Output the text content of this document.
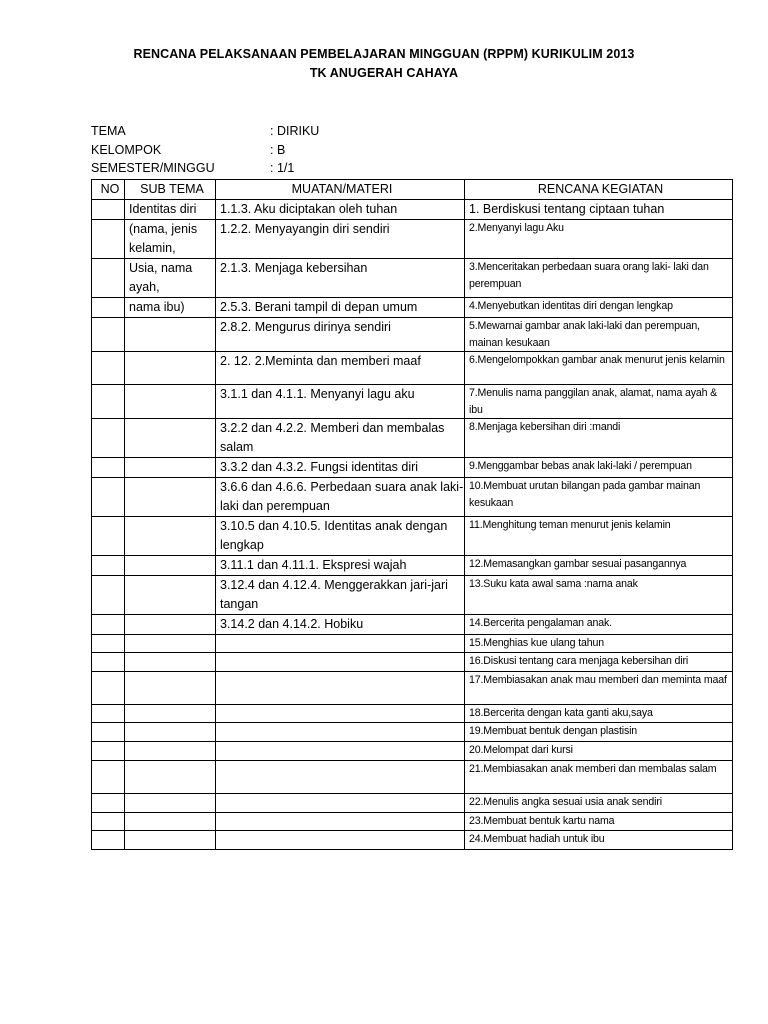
RENCANA PELAKSANAAN PEMBELAJARAN MINGGUAN (RPPM) KURIKULIM 2013
TK ANUGERAH CAHAYA
TEMA	: DIRIKU
KELOMPOK	: B
SEMESTER/MINGGU	: 1/1
NO	SUB TEMA	MUATAN/MATERI	RENCANA KEGIATAN
	Identitas diri	1.1.3. Aku diciptakan oleh tuhan	1. Berdiskusi tentang ciptaan tuhan
	(nama, jenis kelamin,	1.2.2. Menyayangin diri sendiri	2.Menyanyi lagu Aku
	Usia, nama ayah,	2.1.3. Menjaga kebersihan	3.Menceritakan perbedaan suara orang laki- laki dan perempuan
	nama ibu)	2.5.3. Berani tampil di depan umum	4.Menyebutkan identitas diri dengan lengkap
		2.8.2. Mengurus dirinya sendiri	5.Mewarnai gambar anak laki-laki dan perempuan, mainan kesukaan
		2. 12. 2.Meminta dan memberi maaf	6.Mengelompokkan gambar anak menurut jenis kelamin
		3.1.1 dan 4.1.1. Menyanyi lagu aku	7.Menulis nama panggilan anak, alamat, nama ayah & ibu
		3.2.2 dan 4.2.2. Memberi dan membalas salam	8.Menjaga kebersihan diri :mandi
		3.3.2 dan 4.3.2. Fungsi identitas diri	9.Menggambar bebas anak laki-laki / perempuan
		3.6.6 dan 4.6.6. Perbedaan suara anak laki-laki dan perempuan	10.Membuat urutan bilangan pada gambar mainan kesukaan
		3.10.5 dan 4.10.5. Identitas anak dengan lengkap	11.Menghitung teman menurut jenis kelamin
		3.11.1 dan 4.11.1. Ekspresi wajah	12.Memasangkan gambar sesuai pasangannya
		3.12.4 dan 4.12.4. Menggerakkan jari-jari tangan	13.Suku kata awal sama :nama anak
		3.14.2 dan 4.14.2. Hobiku	14.Bercerita pengalaman anak.
			15.Menghias kue ulang tahun
			16.Diskusi tentang cara menjaga kebersihan diri
			17.Membiasakan anak mau memberi dan meminta maaf
			18.Bercerita dengan kata ganti aku,saya
			19.Membuat bentuk dengan plastisin
			20.Melompat dari kursi
			21.Membiasakan anak memberi dan membalas salam
			22.Menulis angka sesuai usia anak sendiri
			23.Membuat bentuk kartu nama
			24.Membuat hadiah untuk ibu
